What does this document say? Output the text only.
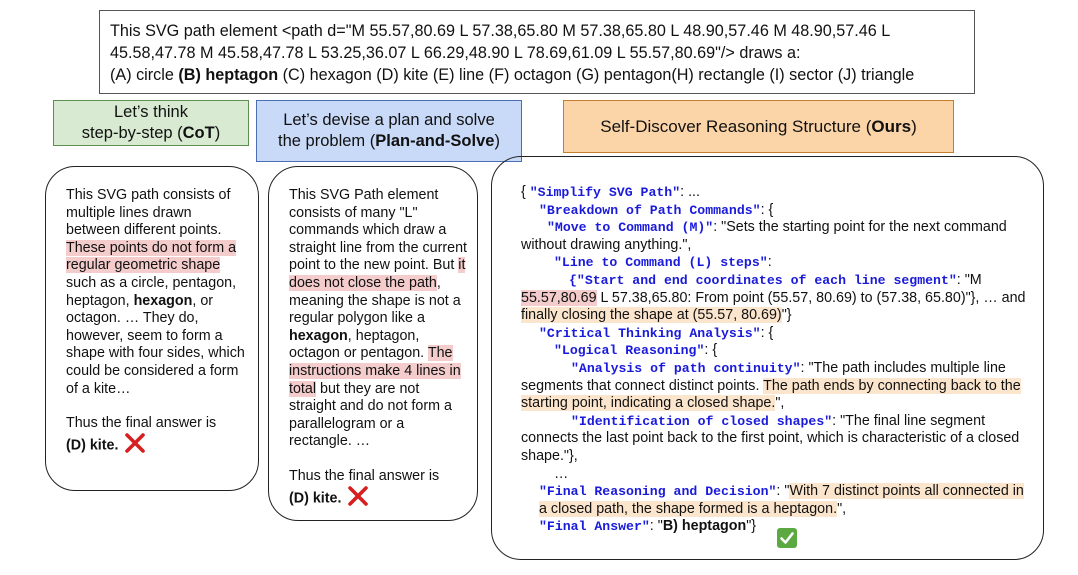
This SVG path element <path d="M 55.57,80.69 L 57.38,65.80 M 57.38,65.80 L 48.90,57.46 M 48.90,57.46 L
45.58,47.78 M 45.58,47.78 L 53.25,36.07 L 66.29,48.90 L 78.69,61.09 L 55.57,80.69"/> draws a:
(A) circle (B) heptagon (C) hexagon (D) kite (E) line (F) octagon (G) pentagon(H) rectangle (I) sector (J) triangle
Let’s think
step-by-step (CoT)
Let’s devise a plan and solve
the problem (Plan-and-Solve)
Self-Discover Reasoning Structure (Ours)
This SVG path consists of multiple lines drawn between different points. These points do not form a regular geometric shape such as a circle, pentagon, heptagon, hexagon, or octagon. … They do, however, seem to form a shape with four sides, which could be considered a form of a kite…
Thus the final answer is
(D) kite.
This SVG Path element consists of many "L" commands which draw a straight line from the current point to the new point. But it does not close the path, meaning the shape is not a regular polygon like a hexagon, heptagon, octagon or pentagon. The instructions make 4 lines in total but they are not straight and do not form a parallelogram or a rectangle. …
Thus the final answer is
(D) kite.
{ "Simplify SVG Path": ...
"Breakdown of Path Commands": {
"Move to Command (M)": "Sets the starting point for the next command without drawing anything.",
"Line to Command (L) steps":
{"Start and end coordinates of each line segment": "M 55.57,80.69 L 57.38,65.80: From point (55.57, 80.69) to (57.38, 65.80)"}, … and finally closing the shape at (55.57, 80.69)"}
"Critical Thinking Analysis": {
"Logical Reasoning": {
"Analysis of path continuity": "The path includes multiple line segments that connect distinct points. The path ends by connecting back to the starting point, indicating a closed shape.",
"Identification of closed shapes": "The final line segment connects the last point back to the first point, which is characteristic of a closed shape."},
…
"Final Reasoning and Decision": "With 7 distinct points all connected in a closed path, the shape formed is a heptagon.",
"Final Answer": "B) heptagon"}
